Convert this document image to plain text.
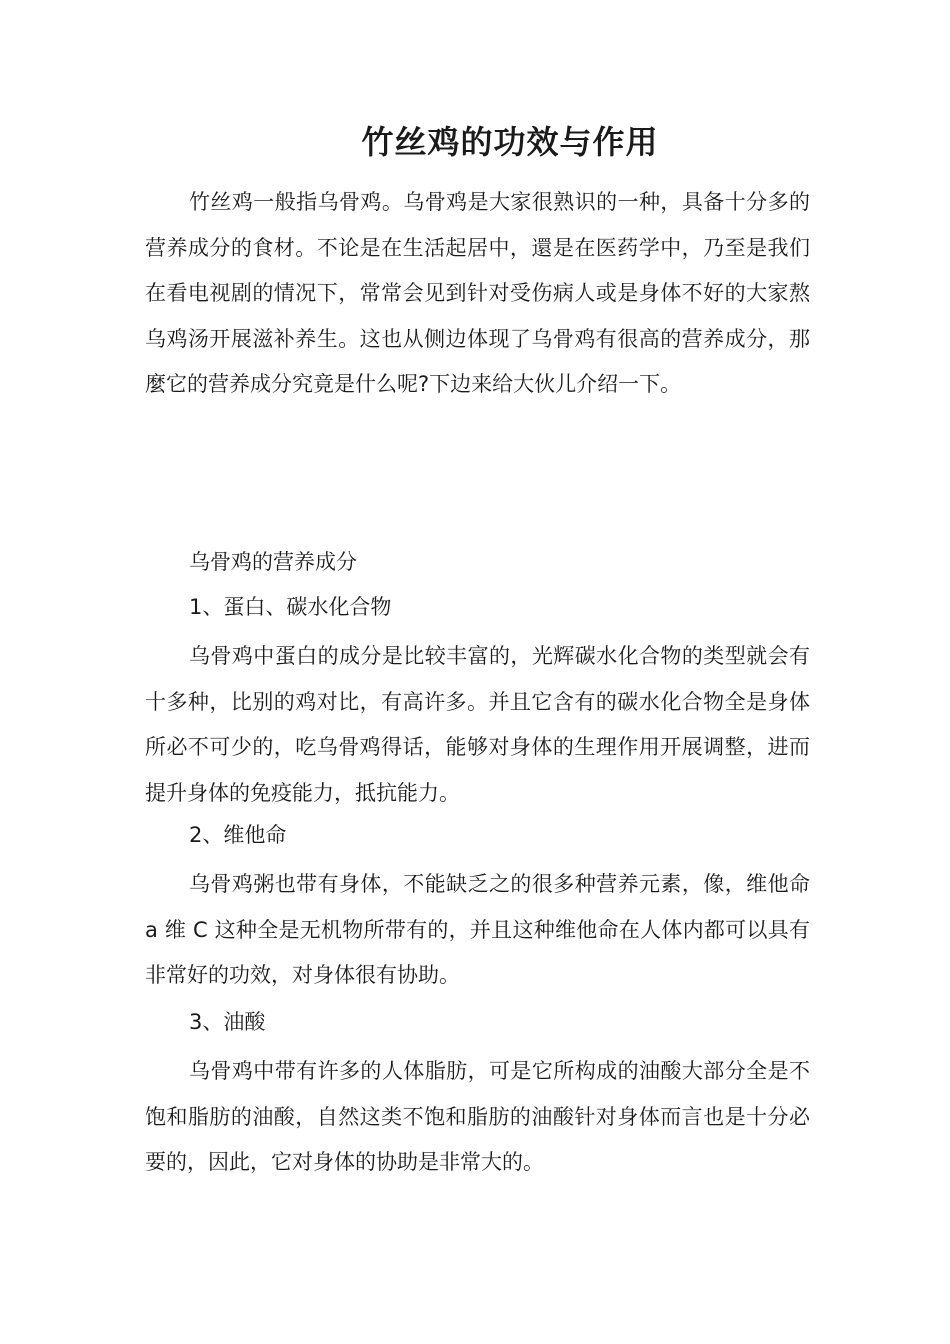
竹丝鸡的功效与作用

竹丝鸡一般指乌骨鸡。乌骨鸡是大家很熟识的一种，具备十分多的营养成分的食材。不论是在生活起居中，還是在医药学中，乃至是我们在看电视剧的情况下，常常会见到针对受伤病人或是身体不好的大家熬乌鸡汤开展滋补养生。这也从侧边体现了乌骨鸡有很高的营养成分，那麼它的营养成分究竟是什么呢?下边来给大伙儿介绍一下。

乌骨鸡的营养成分

1、蛋白、碳水化合物

乌骨鸡中蛋白的成分是比较丰富的，光辉碳水化合物的类型就会有十多种，比别的鸡对比，有高许多。并且它含有的碳水化合物全是身体所必不可少的，吃乌骨鸡得话，能够对身体的生理作用开展调整，进而提升身体的免疫能力，抵抗能力。

2、维他命

乌骨鸡粥也带有身体，不能缺乏之的很多种营养元素，像，维他命 a 维 C 这种全是无机物所带有的，并且这种维他命在人体内都可以具有非常好的功效，对身体很有协助。

3、油酸

乌骨鸡中带有许多的人体脂肪，可是它所构成的油酸大部分全是不饱和脂肪的油酸，自然这类不饱和脂肪的油酸针对身体而言也是十分必要的，因此，它对身体的协助是非常大的。
